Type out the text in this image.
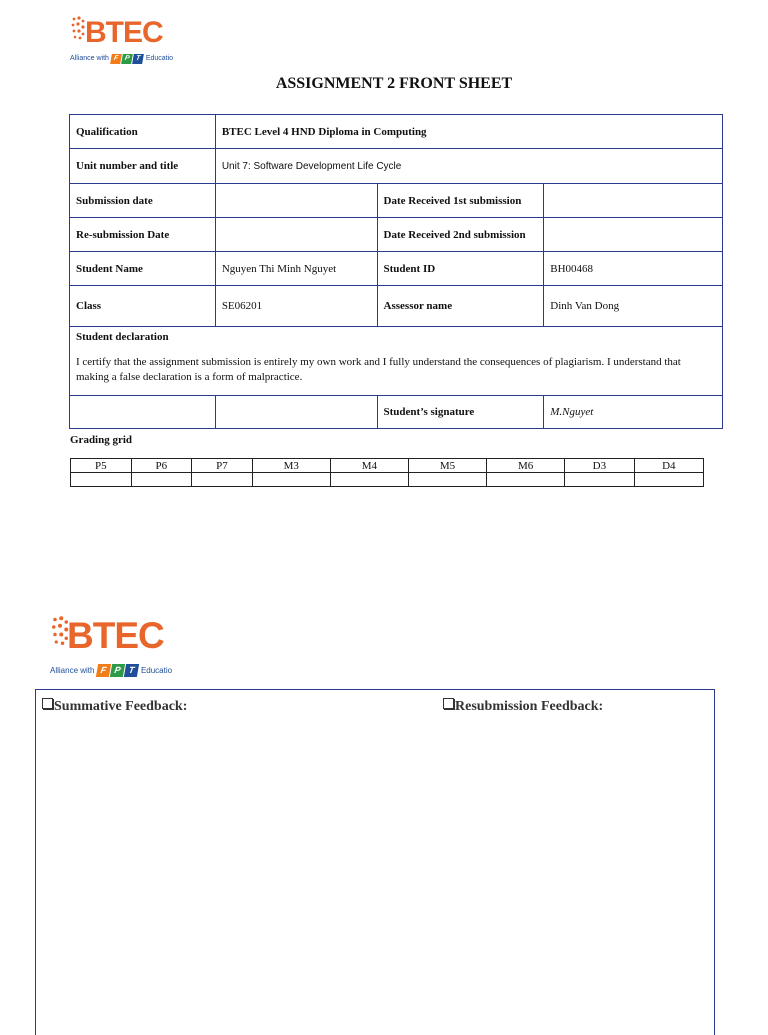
BTEC
Alliance with F P T Educatio
ASSIGNMENT 2 FRONT SHEET
Qualification	BTEC Level 4 HND Diploma in Computing		
Unit number and title	Unit 7: Software Development Life Cycle		
Submission date		Date Received 1st submission	
Re-submission Date		Date Received 2nd submission	
Student Name	Nguyen Thi Minh Nguyet	Student ID	BH00468
Class	SE06201	Assessor name	Dinh Van Dong

Student declaration
I certify that the assignment submission is entirely my own work and I fully understand the consequences of plagiarism. I understand that making a false declaration is a form of malpractice.			

		Student’s signature	M.Nguyet
Grading grid
P5	P6	P7	M3	M4	M5	M6	D3	D4

BTEC
Alliance with F P T Educatio
Summative Feedback:	Resubmission Feedback:
